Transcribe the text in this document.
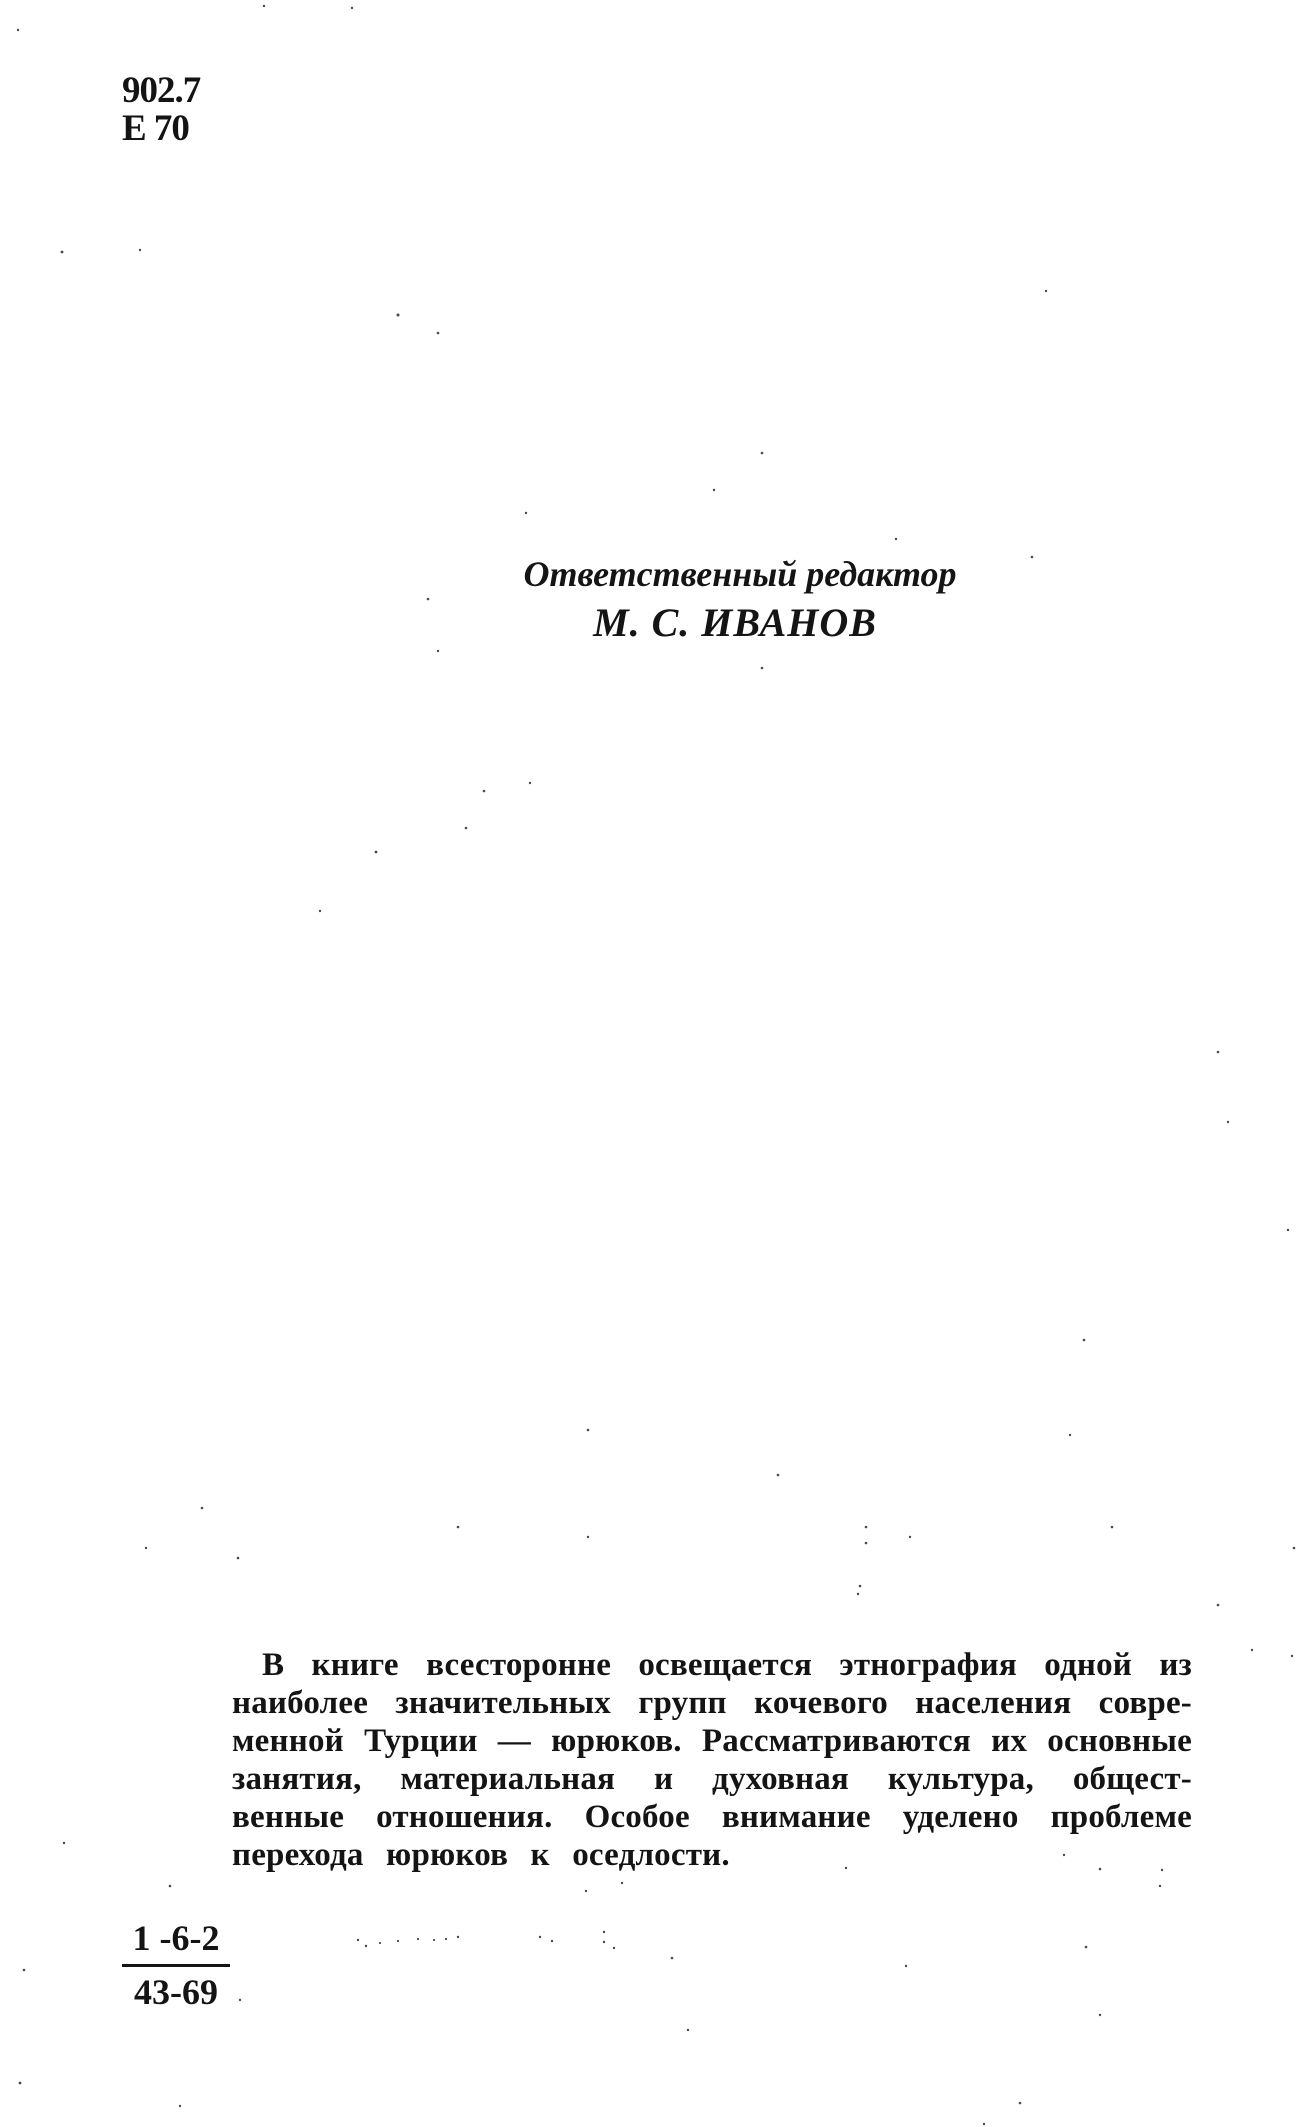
902.7
Е 70
Ответственный редактор
М. С. ИВАНОВ
В книге всесторонне освещается этнография одной из
наиболее значительных групп кочевого населения совре-
менной Турции — юрюков. Рассматриваются их основные
занятия, материальная и духовная культура, общест-
венные отношения. Особое внимание уделено проблеме
перехода юрюков к оседлости.
1 -6-2
43-69
